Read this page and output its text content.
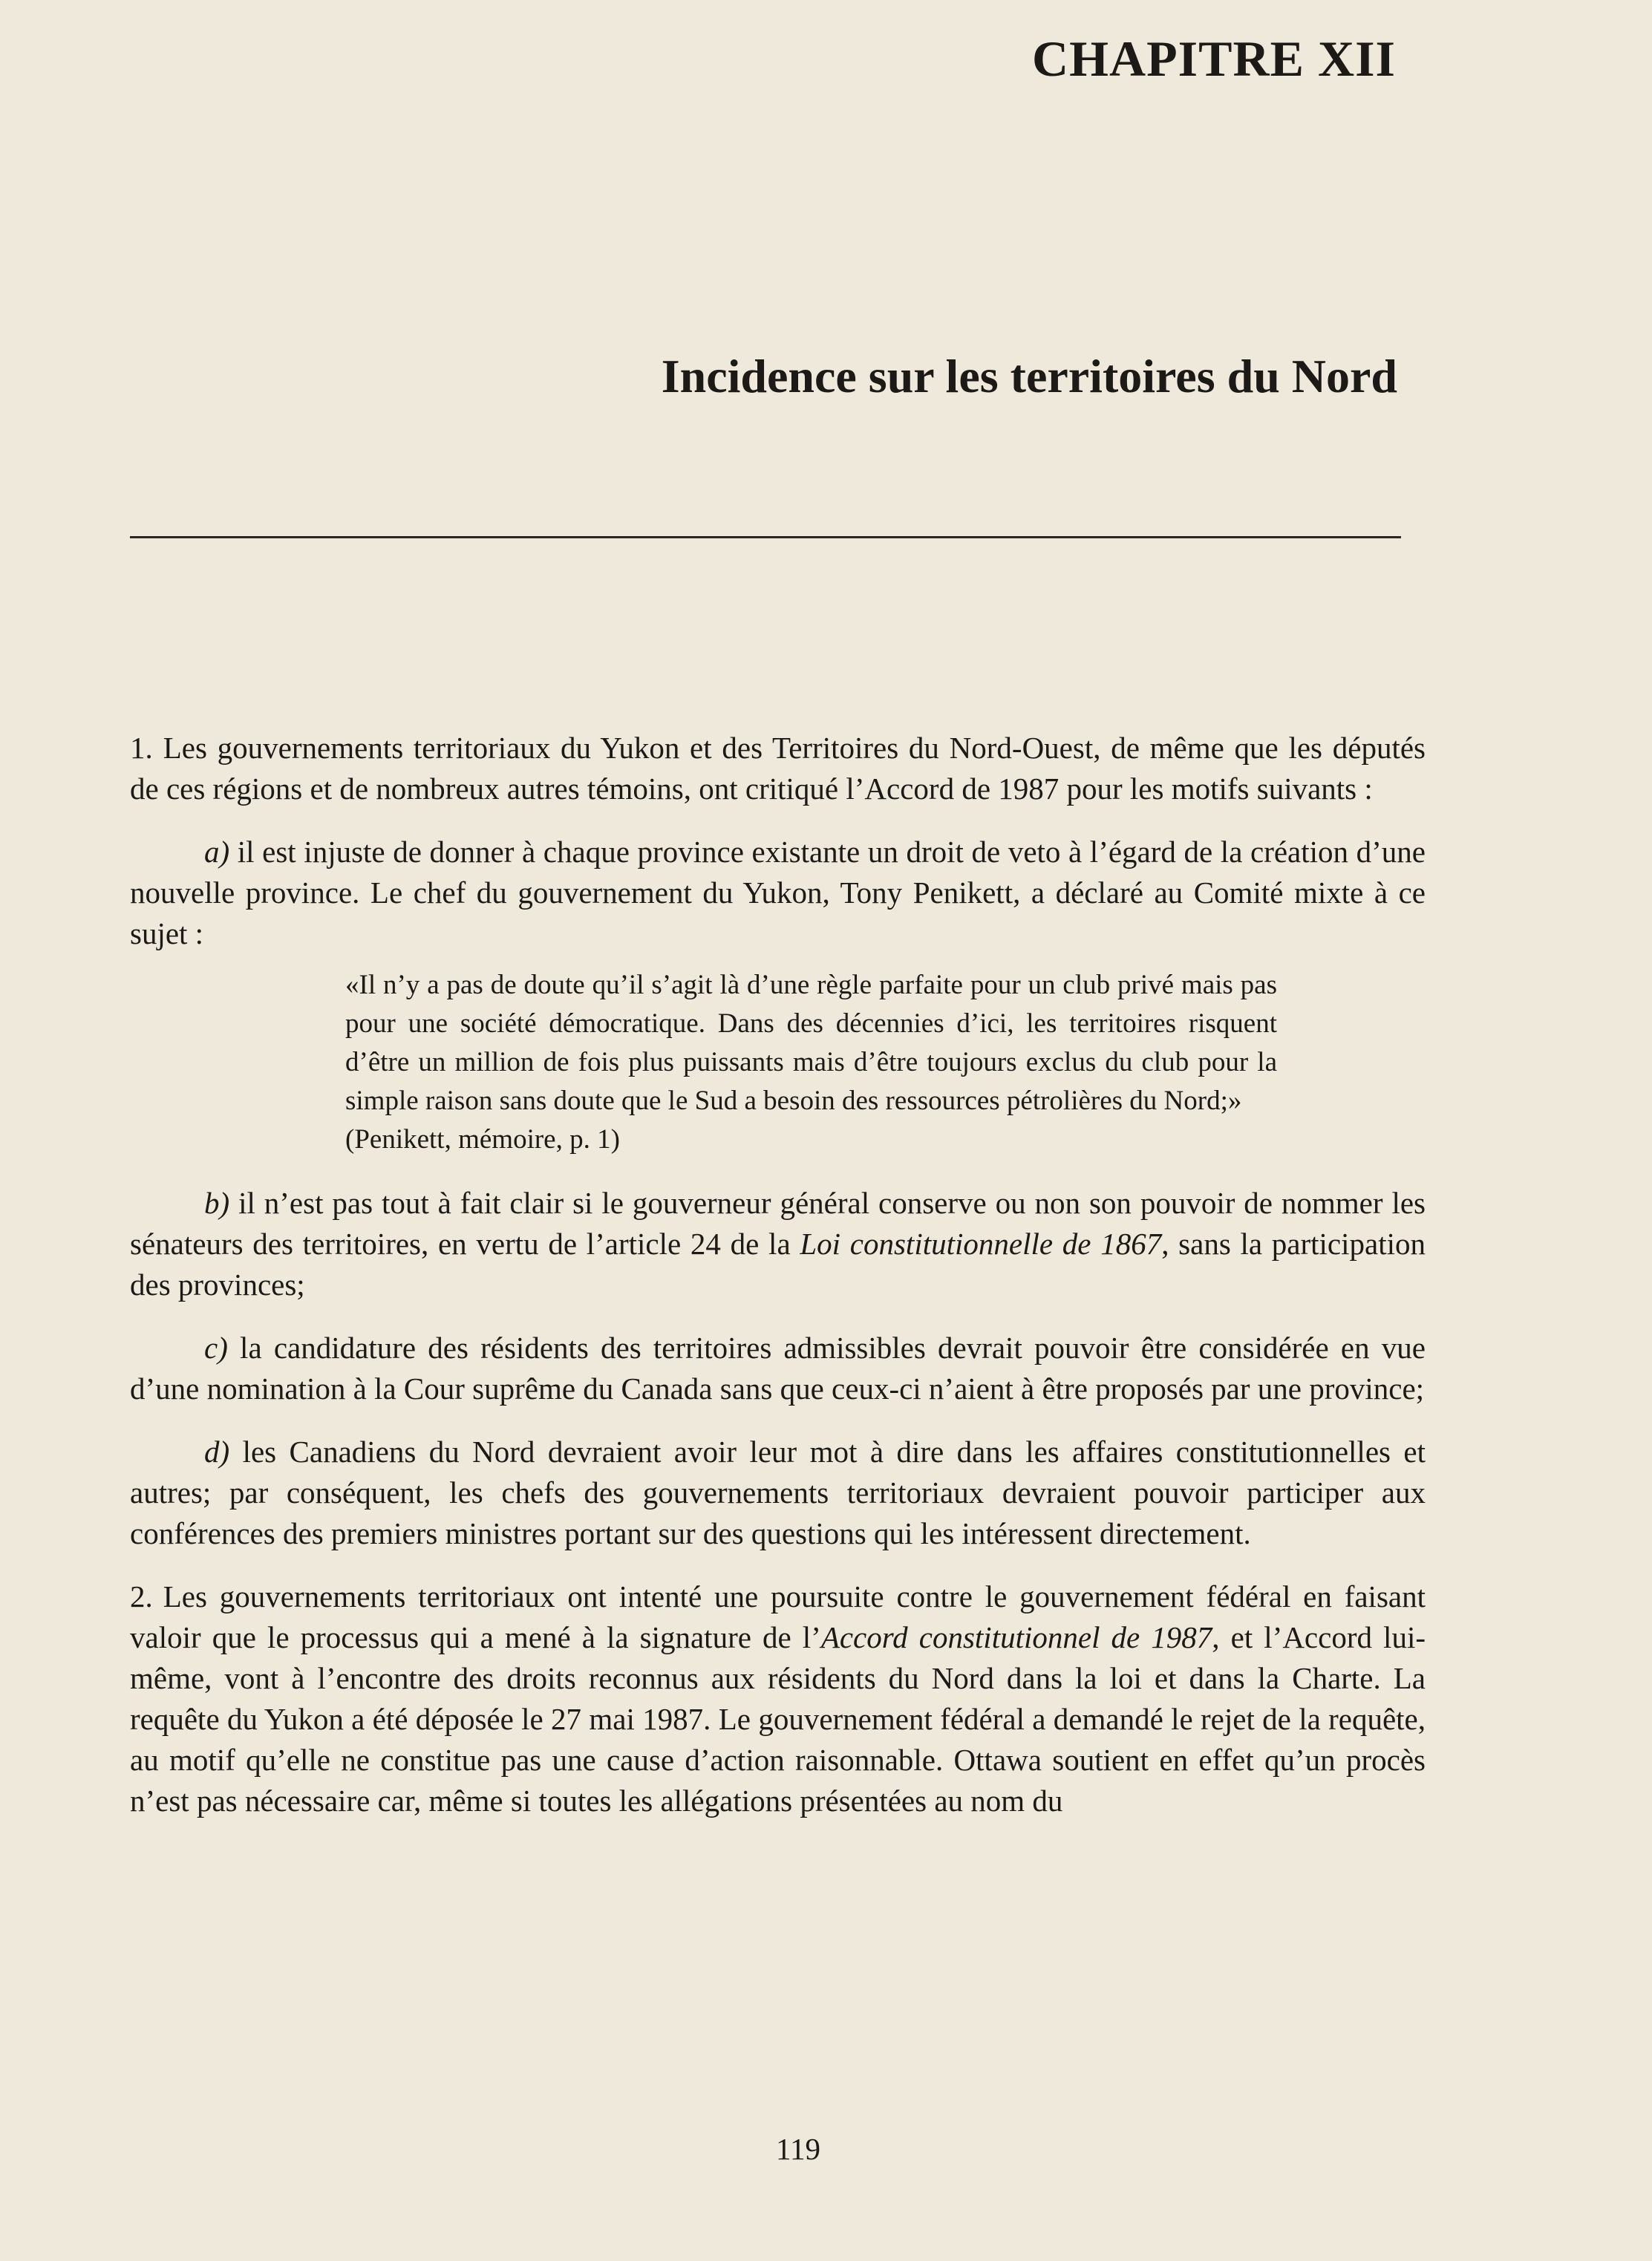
CHAPITRE XII
Incidence sur les territoires du Nord

1. Les gouvernements territoriaux du Yukon et des Territoires du Nord-Ouest, de même que les députés de ces régions et de nombreux autres témoins, ont critiqué l’Accord de 1987 pour les motifs suivants :

a) il est injuste de donner à chaque province existante un droit de veto à l’égard de la création d’une nouvelle province. Le chef du gouvernement du Yukon, Tony Penikett, a déclaré au Comité mixte à ce sujet :

«Il n’y a pas de doute qu’il s’agit là d’une règle parfaite pour un club privé mais pas pour une société démocratique. Dans des décennies d’ici, les territoires risquent d’être un million de fois plus puissants mais d’être toujours exclus du club pour la simple raison sans doute que le Sud a besoin des ressources pétrolières du Nord;»
(Penikett, mémoire, p. 1)

b) il n’est pas tout à fait clair si le gouverneur général conserve ou non son pouvoir de nommer les sénateurs des territoires, en vertu de l’article 24 de la Loi constitutionnelle de 1867, sans la participation des provinces;

c) la candidature des résidents des territoires admissibles devrait pouvoir être considérée en vue d’une nomination à la Cour suprême du Canada sans que ceux-ci n’aient à être proposés par une province;

d) les Canadiens du Nord devraient avoir leur mot à dire dans les affaires constitutionnelles et autres; par conséquent, les chefs des gouvernements territoriaux devraient pouvoir participer aux conférences des premiers ministres portant sur des questions qui les intéressent directement.

2. Les gouvernements territoriaux ont intenté une poursuite contre le gouvernement fédéral en faisant valoir que le processus qui a mené à la signature de l’Accord constitutionnel de 1987, et l’Accord lui-même, vont à l’encontre des droits reconnus aux résidents du Nord dans la loi et dans la Charte. La requête du Yukon a été déposée le 27 mai 1987. Le gouvernement fédéral a demandé le rejet de la requête, au motif qu’elle ne constitue pas une cause d’action raisonnable. Ottawa soutient en effet qu’un procès n’est pas nécessaire car, même si toutes les allégations présentées au nom du

119
